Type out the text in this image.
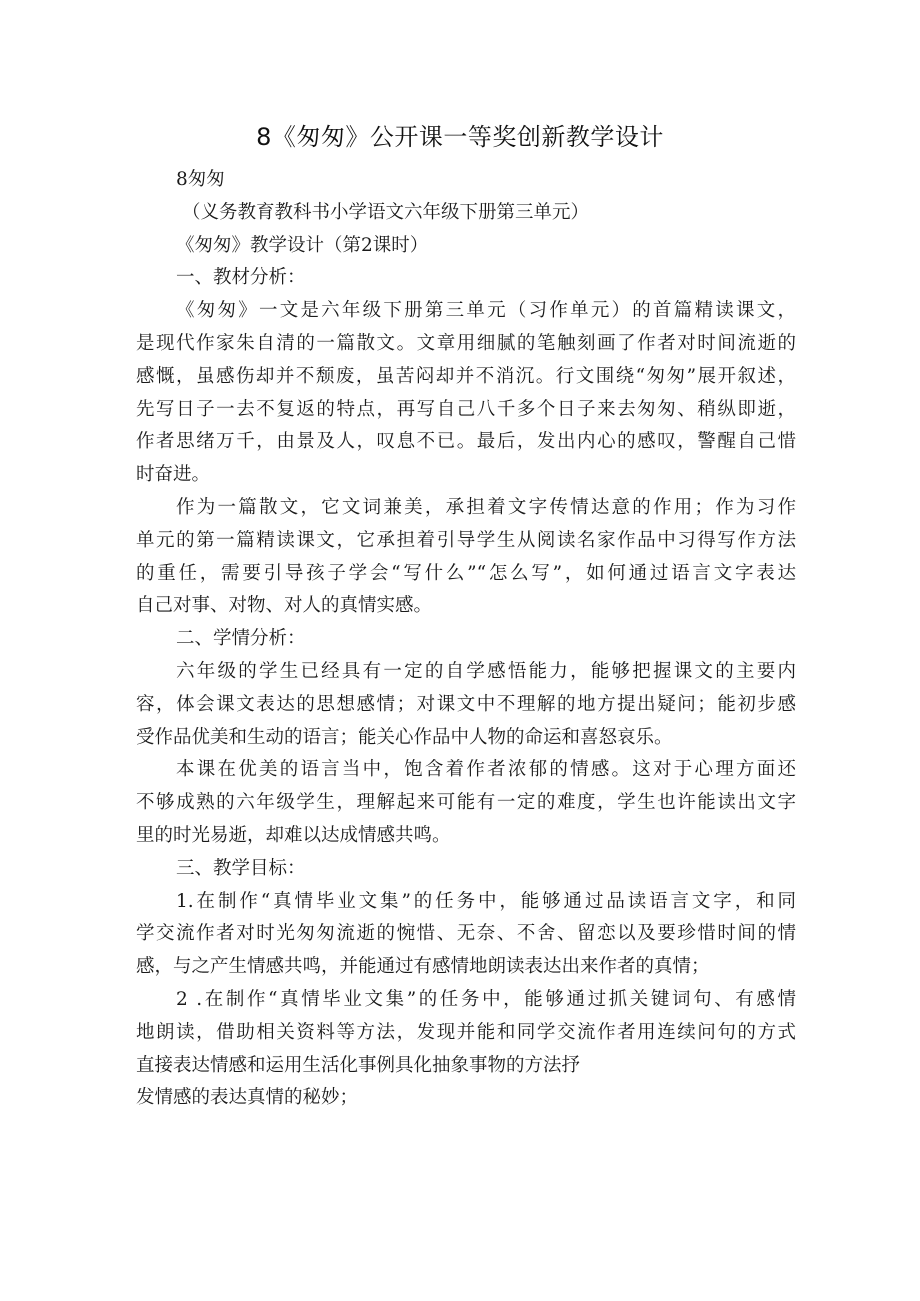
8《匆匆》公开课一等奖创新教学设计
8匆匆
（义务教育教科书小学语文六年级下册第三单元）
《匆匆》教学设计（第2课时）
一、教材分析：
《匆匆》一文是六年级下册第三单元（习作单元）的首篇精读课文，
是现代作家朱自清的一篇散文。文章用细腻的笔触刻画了作者对时间流逝的
感慨，虽感伤却并不颓废，虽苦闷却并不消沉。行文围绕“匆匆”展开叙述，
先写日子一去不复返的特点，再写自己八千多个日子来去匆匆、稍纵即逝，
作者思绪万千，由景及人，叹息不已。最后，发出内心的感叹，警醒自己惜
时奋进。
作为一篇散文，它文词兼美，承担着文字传情达意的作用；作为习作
单元的第一篇精读课文，它承担着引导学生从阅读名家作品中习得写作方法
的重任，需要引导孩子学会“写什么”“怎么写”，如何通过语言文字表达
自己对事、对物、对人的真情实感。
二、学情分析：
六年级的学生已经具有一定的自学感悟能力，能够把握课文的主要内
容，体会课文表达的思想感情；对课文中不理解的地方提出疑问；能初步感
受作品优美和生动的语言；能关心作品中人物的命运和喜怒哀乐。
本课在优美的语言当中，饱含着作者浓郁的情感。这对于心理方面还
不够成熟的六年级学生，理解起来可能有一定的难度，学生也许能读出文字
里的时光易逝，却难以达成情感共鸣。
三、教学目标：
1.在制作“真情毕业文集”的任务中，能够通过品读语言文字，和同
学交流作者对时光匆匆流逝的惋惜、无奈、不舍、留恋以及要珍惜时间的情
感，与之产生情感共鸣，并能通过有感情地朗读表达出来作者的真情；
2 .在制作“真情毕业文集”的任务中，能够通过抓关键词句、有感情
地朗读，借助相关资料等方法，发现并能和同学交流作者用连续问句的方式
直接表达情感和运用生活化事例具化抽象事物的方法抒
发情感的表达真情的秘妙；
